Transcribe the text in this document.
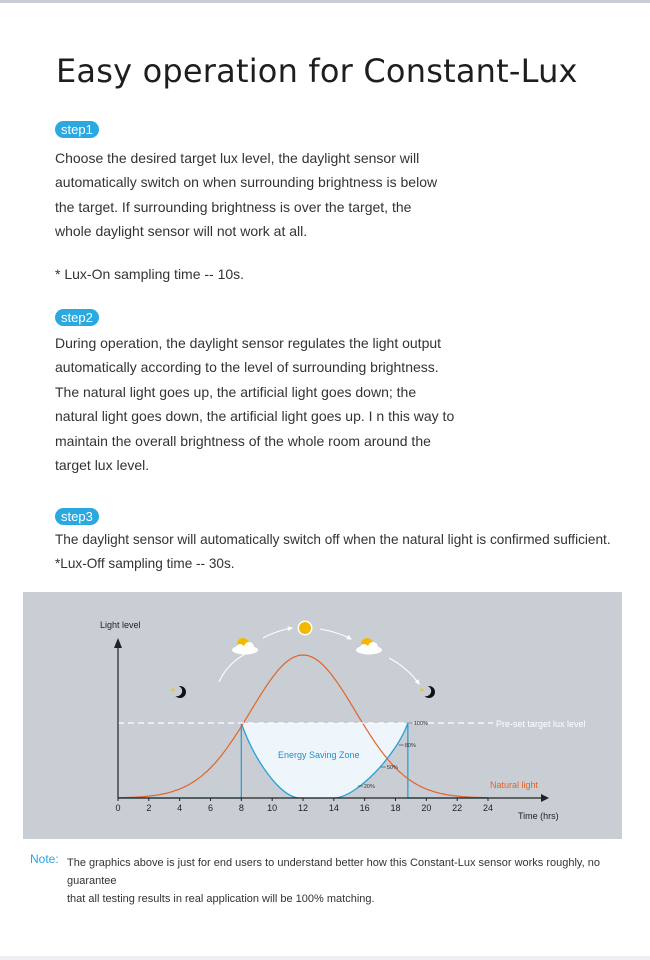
Easy operation for Constant-Lux
step1
Choose the desired target lux level, the daylight sensor will
automatically switch on when surrounding brightness is below
the target. If surrounding brightness is over the target, the
whole daylight sensor will not work at all.
* Lux-On sampling time -- 10s.
step2
During operation, the daylight sensor regulates the light output
automatically according to the level of surrounding brightness.
The natural light goes up, the artificial light goes down; the
natural light goes down, the artificial light goes up. I n this way to
maintain the overall brightness of the whole room around the
target lux level.
step3
The daylight sensor will automatically switch off when the natural light is confirmed sufficient.
*Lux-Off sampling time -- 30s.
Pre-set target lux level
Light level
Time (hrs)
0	2	4	6	8	10 12 14 16 18 20 22 24
Energy Saving Zone
Natural light
100%
80%
50%
20%
Note: The graphics above is just for end users to understand better how this Constant-Lux sensor works roughly, no guarantee
that all testing results in real application will be 100% matching.
